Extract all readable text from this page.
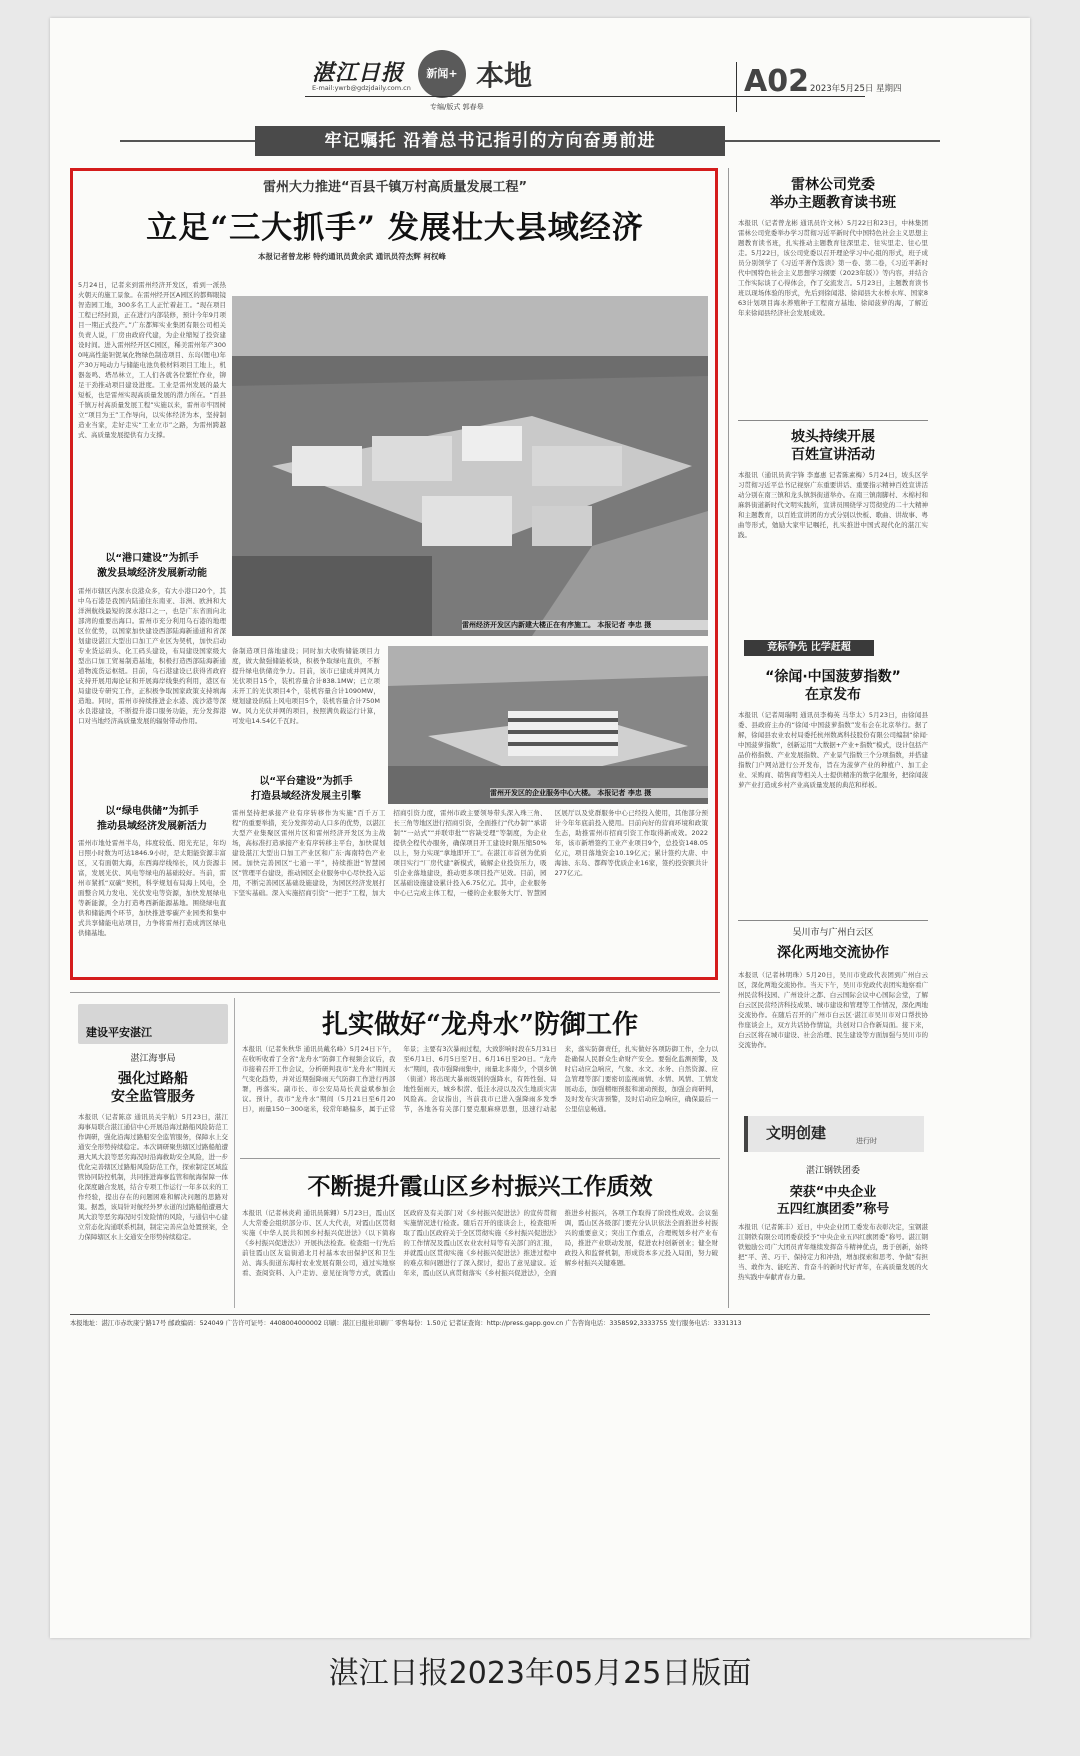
湛江日报
E-mail:ywrb@gdzjdaily.com.cn
新闻+ 本地
专编/版式 郭春皋
A02 2023年5月25日 星期四
牢记嘱托 沿着总书记指引的方向奋勇前进
雷州大力推进“百县千镇万村高质量发展工程”
立足“三大抓手” 发展壮大县域经济
本报记者曾龙彬 特约通讯员黄余武 通讯员符杰辉 柯权峰
5月24日，记者来到雷州经济开发区，看到一派热火朝天的施工景象。在雷州经开区A园区的都辉眼镜智造园工地，300多名工人正忙着赶工。“现在项目工程已经封顶，正在进行内部装修，预计今年9月项目一期正式投产。”广东都辉实业集团有限公司相关负责人说，厂房由政府代建，为企业缩短了投资建设时间。进入雷州经开区C园区，稀美雷州年产3000吨高性能钽铌氧化物绿色制造项目、东岛(锂电)年产30万吨动力与储能电池负极材料项目工地上，机器轰鸣、塔吊林立，工人们各就各位繁忙作业，铆足干劲推动项目建设进度。工业是雷州发展的最大短板，也是雷州实现高质量发展的潜力所在。“百县千镇万村高质量发展工程”实施以来，雷州市牢固树立“项目为王”工作导向，以实体经济为本，坚持制造业当家，走好走实“工业立市”之路，为雷州跨越式、高质量发展提供有力支撑。
以“港口建设”为抓手
激发县域经济发展新动能
雷州市辖区内深水良港众多，有大小港口20个，其中乌石港是我国内陆通往东南亚、非洲、欧洲和大洋洲航线最短的深水港口之一，也是广东省面向北部湾的重要出海口。雷州市充分利用乌石港的地理区位优势，以国家加快建设西部陆海新通道和省深划建设湛江大型出口加工产业区为契机，加快启动专业货运码头、化工码头建设，布局建设国家级大型出口加工贸易制造基地，积极打造西部陆海新通道物流货运枢纽。目前，乌石港建设已获得省政府支持开展用海论证和开展海岸线集约利用，港区布局建设专研究工作，正积极争取国家政策支持填海造地。同时，雷州市持续推进企水港、流沙港等深水良港建设，不断提升港口服务功能，充分发挥港口对当地经济高质量发展的辐射带动作用。
以“绿电供储”为抓手
推动县域经济发展新活力
雷州市地处雷州半岛，纬度较低、阳光充足，年均日照小时数为可达1846.9小时，是太阳能资源丰富区，又有面朝大海，东西海岸线绵长，风力资源丰富，发展光伏、风电等绿电的基础较好。当前，雷州市紧抓“双碳”契机，科学规划布局海上风电，全面整合风力发电、光伏发电等资源，加快发展绿电等新能源，全力打造粤西新能源基地。围绕绿电直供和储能两个环节，加快推进零碳产业园类和集中式共享储能电站项目，力争将雷州打造成湾区绿电供储基地。
雷州经济开发区内新建大楼正在有序施工。 本报记者 李忠 摄
备制造项目落地建设；同时加大收购储能项目力度，做大做强储能板块，积极争取绿电直供，不断提升绿电供储竞争力。目前，该市已建成并网风力光伏项目15个，装机容量合计838.1MW；已立项未开工的光伏项目4个，装机容量合计1090MW，规划建设的陆上风电项目5个，装机容量合计750MW。风力光伏并网的项目，按照满负载运行计算，可发电14.54亿千瓦时。
以“平台建设”为抓手
打造县域经济发展主引擎
雷州坚持把承接产业有序转移作为实施“百千万工程”的重要举措，充分发挥劳动人口多的优势，以湛江大型产业集聚区雷州片区和雷州经济开发区为主战场，高标准打造承接产业有序转移主平台，加快谋划建设湛江大型出口加工产业区和广东·海南特色产业园。加快完善园区“七通一平”，持续推进“智慧园区”管理平台建设，推动园区企业服务中心尽快投入运用，不断完善园区基础设施建设，为园区经济发展打下坚实基础。深入实施招商引资“一把手”工程，加大招商引资力度，雷州市政主要领导带头深入珠三角、长三角等地区进行招商引资，全面推行“代办制”“承诺制”“一站式”“并联审批”“容缺受理”等制度，为企业提供全程代办服务，确保项目开工建设时限压缩50%以上，努力实现“拿地即开工”。在湛江市首创为优质项目实行“厂房代建”新模式，破解企业投资压力，吸引企业落地建设，推动更多项目投产见效。目前，园区基础设施建设累计投入6.75亿元。其中，企业服务中心已完成主体工程，一楼的企业服务大厅、智慧园区展厅以及党群服务中心已经投入使用，其他部分预计今年年底前投入使用。目前向好的营商环境和政策生态，助推雷州市招商引资工作取得新成效。2022年，该市新增签约工业产业项目9个，总投资148.05亿元，项目落地资金10.19亿元；累计签约大唐、中海油、东岛、都辉等优质企业16家，签约投资额共计277亿元。
雷州开发区的企业服务中心大楼。 本报记者 李忠 摄
雷林公司党委
举办主题教育读书班
本报讯（记者曾龙彬 通讯员许文林）5月22日和23日，中林集团雷林公司党委举办学习贯彻习近平新时代中国特色社会主义思想主题教育读书班，扎实推动主题教育往深里走、往实里走、往心里走。5月22日，该公司党委以召开理论学习中心组的形式，班子成员分别领学了《习近平著作选读》第一卷、第二卷，《习近平新时代中国特色社会主义思想学习纲要（2023年版）》等内容，并结合工作实际谈了心得体会，作了交流发言。5月23日，主题教育读书班以现场体验的形式，先后到徐闻港、徐闻县大水桥水库、国家863计划项目海水养殖种子工程南方基地、徐闻菠萝的海，了解近年来徐闻县经济社会发展成效。
坡头持续开展
百姓宣讲活动
本报讯（通讯员黄宇锋 李嘉惠 记者陈素梅）5月24日，坡头区学习贯彻习近平总书记视察广东重要讲话、重要指示精神百姓宣讲活动分别在南三镇和龙头镇斜街道举办。在南三镇南脚村、木棉村和麻斜街道新时代文明实践所，宣讲员围绕学习贯彻党的二十大精神和主题教育，以百姓宣讲团的方式分别以快板、歌曲、讲故事、粤曲等形式，勉励大家牢记嘱托，扎实推进中国式现代化的湛江实践。
竞标争先 比学赶超
“徐闻·中国菠萝指数”
在京发布
本报讯（记者周瑞明 通讯员李梅英 马华太）5月23日，由徐闻县委、县政府主办的“徐闻·中国菠萝指数”发布会在北京举行。据了解，徐闻县农业农村局委托杭州数离科技股份有限公司编制“徐闻·中国菠萝指数”，创新运用“大数据+产业+指数”模式，设计包括产品价格指数、产业发展指数、产业景气指数三个分项指数，并搭建指数门户网站进行公开发布，旨在为菠萝产业的种植户、加工企业、采购商、销售商等相关人士提供精准的数字化服务，把徐闻菠萝产业打造成乡村产业高质量发展的典范和样板。
吴川市与广州白云区
深化两地交流协作
本报讯（记者林明珠）5月20日，吴川市党政代表团到广州白云区，深化两地交流协作。当天下午，吴川市党政代表团实地察看广州民营科技园、广州设计之都、白云国际会议中心国际会堂，了解白云区民营经济科技成果、城市建设和管理等工作情况，深化两地交流协作。在随后召开的广州市白云区·湛江市吴川市对口帮扶协作座谈会上，双方共话协作情谊，共创对口合作新局面。接下来，白云区将在城市建设、社会治理、民生建设等方面加强与吴川市的交流协作。
文明创建	进行时
湛江钢铁团委
荣获“中央企业
五四红旗团委”称号
本报讯（记者陈丰）近日，中央企业团工委发布表彰决定，宝钢湛江钢铁有限公司团委获授予“中央企业五四红旗团委”称号。湛江钢铁勉励公司广大团员青年继续发挥奋斗精神优点，勇于创新，始终把“平、苦、巧干、保持定力和冲劲，增加探索和思考、争做”有担当、敢作为、能吃苦、肯奋斗的新时代好青年，在高质量发展的火热实践中奉献青春力量。
建设平安湛江
湛江海事局
强化过路船
安全监管服务
本报讯（记者陈彦 通讯员关宇航）5月23日，湛江海事局联合湛江通信中心开展沿海过路船风险防范工作调研，强化沿海过路船安全监管服务，保障水上交通安全形势持续稳定。本次调研聚焦辖区过路船舶遭遇大风大浪等恶劣海况时沿海救助安全风险，进一步优化完善辖区过路船风险防范工作，探索制定区域监管协同防控机制，共同推进海事监管和航海保障一体化深度融合发展，结合专项工作运行一年多以来的工作经验，提出存在的问题困难和解决问题的思路对策。据悉，该局针对航经外罗水道的过路船舶遭遇大风大浪等恶劣海况时引发险情的风险，与通信中心建立常态化沟通联系机制，制定完善应急处置预案，全力保障辖区水上交通安全形势持续稳定。
扎实做好“龙舟水”防御工作
本报讯（记者朱秋华 通讯员戴名峰）5月24日下午，在收听收看了全省“龙舟水”防御工作视频会议后，我市接着召开工作会议，分析研判我市“龙舟水”期间天气变化趋势，并对近期强降雨天气防御工作进行再部署，再落实。副市长、市公安局局长黄益斌参加会议。预计，我市“龙舟水”期间（5月21日至6月20日），雨量150－300毫米，较常年略偏多，属于正常年景；主要有3次暴雨过程，大致影响时段在5月31日至6月1日、6月5日至7日、6月16日至20日。“龙舟水”期间，我市强降雨集中，雨量北多南少，个别乡镇（街道）将出现大暴雨级别的强降水，有阵性强、局地性强雨天，城乡积涝、低洼水浸以及次生地质灾害风险高。会议指出，当前我市已进入强降雨多发季节，各地各有关部门要克服麻痹思想，迅速行动起来，落实防御责任，扎实做好各项防御工作，全力以赴确保人民群众生命财产安全。要强化监测预警，及时启动应急响应，气象、水文、水务、自然资源、应急管理等部门要密切监视雨情、水情、风情、工情发展动态，加强精细预报和滚动预报，加强会商研判，及时发布灾害预警，及时启动应急响应，确保最后一公里信息畅通。
不断提升霞山区乡村振兴工作质效
本报讯（记者林炎莉 通讯员陈翱）5月23日，霞山区人大常委会组织部分市、区人大代表，对霞山区贯彻实施《中华人民共和国乡村振兴促进法》（以下简称《乡村振兴促进法》）开展执法检查。检查组一行先后前往霞山区友谊街道北月村基本农田保护区和卫生站、海头街道东海村农业发展有限公司，通过实地察看、查阅资料、入户走访、意见征询等方式，就霞山区政府及有关部门对《乡村振兴促进法》的宣传贯彻实施情况进行检查。随后召开的座谈会上，检查组听取了霞山区政府关于全区贯彻实施《乡村振兴促进法》的工作情况及霞山区农业农村局等有关部门的汇报，并就霞山区贯彻实施《乡村振兴促进法》推进过程中的难点和问题进行了深入探讨，提出了意见建议。近年来，霞山区认真贯彻落实《乡村振兴促进法》，全面推进乡村振兴，各项工作取得了阶段性成效。会议强调，霞山区各级部门要充分认识依法全面推进乡村振兴的重要意义；突出工作重点，合理规划乡村产业布局，推进产业联动发展，促进农村创新创业；健全财政投入和监督机制，形成资本多元投入局面，努力破解乡村振兴关键难题。
本报地址：湛江市赤坎康宁路17号 邮政编码：524049 广告许可证号：4408004000002 印刷：湛江日报社印刷厂 零售每份：1.50元 记者证查询：http://press.gapp.gov.cn 广告咨询电话：3358592,3333755 发行服务电话：3331313
湛江日报2023年05月25日版面
